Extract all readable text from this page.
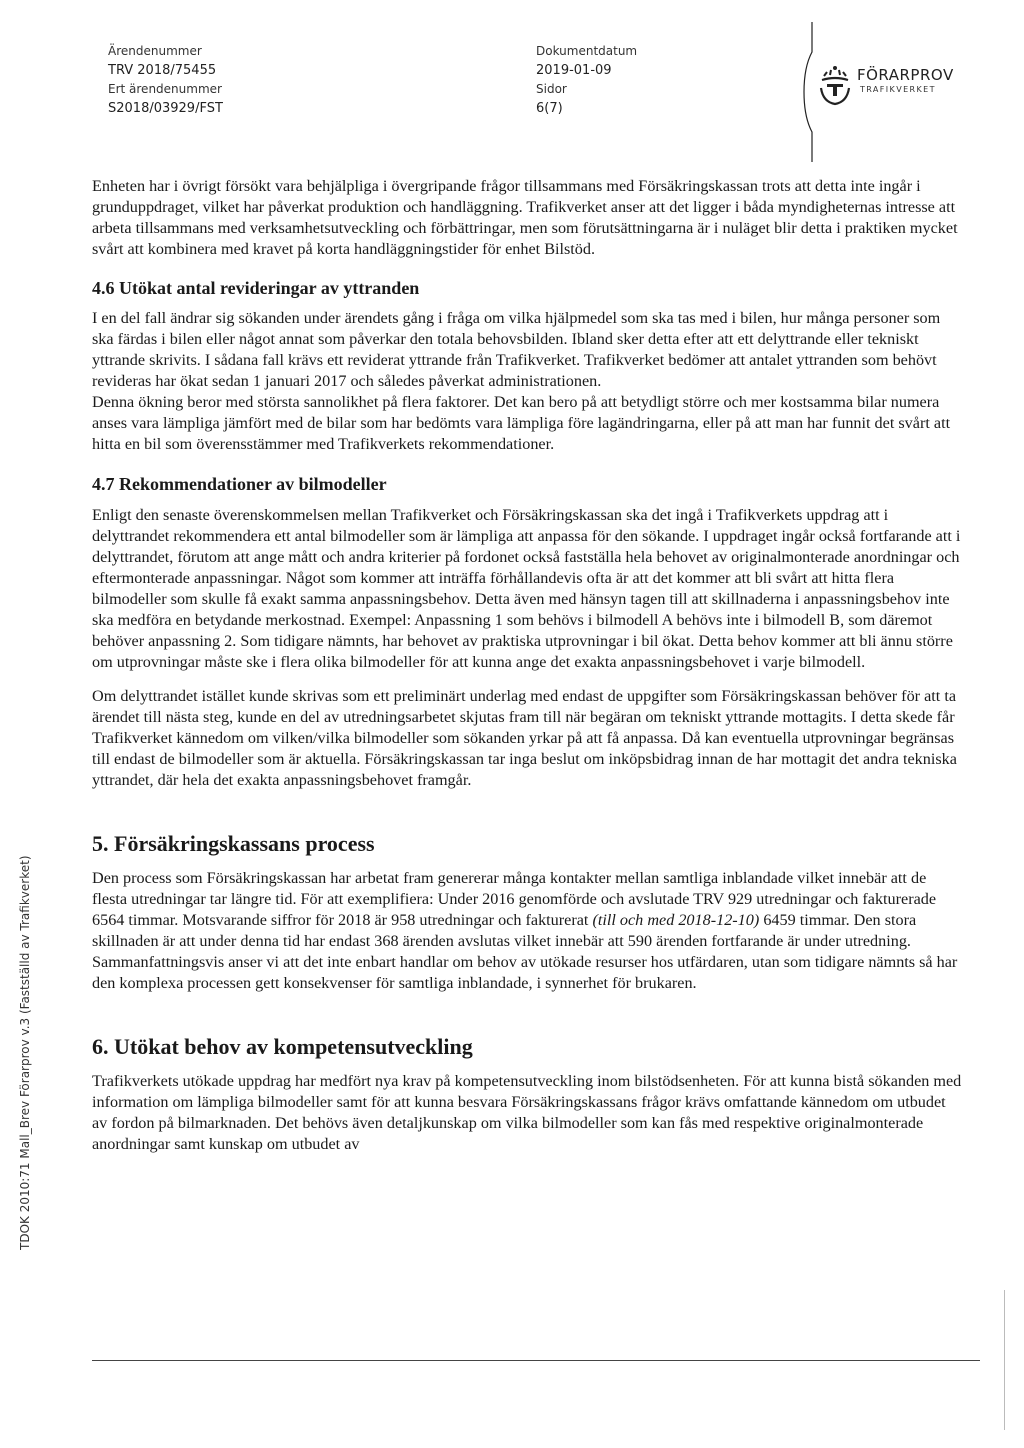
Ärendenummer
TRV 2018/75455
Ert ärendenummer
S2018/03929/FST
Dokumentdatum
2019-01-09
Sidor
6(7)
FÖRARPROV
TRAFIKVERKET

Enheten har i övrigt försökt vara behjälpliga i övergripande frågor tillsammans med Försäkringskassan trots att detta inte ingår i grunduppdraget, vilket har påverkat produktion och handläggning. Trafikverket anser att det ligger i båda myndigheternas intresse att arbeta tillsammans med verksamhetsutveckling och förbättringar, men som förutsättningarna är i nuläget blir detta i praktiken mycket svårt att kombinera med kravet på korta handläggningstider för enhet Bilstöd.

4.6 Utökat antal revideringar av yttranden

I en del fall ändrar sig sökanden under ärendets gång i fråga om vilka hjälpmedel som ska tas med i bilen, hur många personer som ska färdas i bilen eller något annat som påverkar den totala behovsbilden. Ibland sker detta efter att ett delyttrande eller tekniskt yttrande skrivits. I sådana fall krävs ett reviderat yttrande från Trafikverket. Trafikverket bedömer att antalet yttranden som behövt revideras har ökat sedan 1 januari 2017 och således påverkat administrationen.

Denna ökning beror med största sannolikhet på flera faktorer. Det kan bero på att betydligt större och mer kostsamma bilar numera anses vara lämpliga jämfört med de bilar som har bedömts vara lämpliga före lagändringarna, eller på att man har funnit det svårt att hitta en bil som överensstämmer med Trafikverkets rekommendationer.

4.7 Rekommendationer av bilmodeller

Enligt den senaste överenskommelsen mellan Trafikverket och Försäkringskassan ska det ingå i Trafikverkets uppdrag att i delyttrandet rekommendera ett antal bilmodeller som är lämpliga att anpassa för den sökande. I uppdraget ingår också fortfarande att i delyttrandet, förutom att ange mått och andra kriterier på fordonet också fastställa hela behovet av originalmonterade anordningar och eftermonterade anpassningar. Något som kommer att inträffa förhållandevis ofta är att det kommer att bli svårt att hitta flera bilmodeller som skulle få exakt samma anpassningsbehov. Detta även med hänsyn tagen till att skillnaderna i anpassningsbehov inte ska medföra en betydande merkostnad. Exempel: Anpassning 1 som behövs i bilmodell A behövs inte i bilmodell B, som däremot behöver anpassning 2. Som tidigare nämnts, har behovet av praktiska utprovningar i bil ökat. Detta behov kommer att bli ännu större om utprovningar måste ske i flera olika bilmodeller för att kunna ange det exakta anpassningsbehovet i varje bilmodell.

Om delyttrandet istället kunde skrivas som ett preliminärt underlag med endast de uppgifter som Försäkringskassan behöver för att ta ärendet till nästa steg, kunde en del av utredningsarbetet skjutas fram till när begäran om tekniskt yttrande mottagits. I detta skede får Trafikverket kännedom om vilken/vilka bilmodeller som sökanden yrkar på att få anpassa. Då kan eventuella utprovningar begränsas till endast de bilmodeller som är aktuella. Försäkringskassan tar inga beslut om inköpsbidrag innan de har mottagit det andra tekniska yttrandet, där hela det exakta anpassningsbehovet framgår.

5. Försäkringskassans process

Den process som Försäkringskassan har arbetat fram genererar många kontakter mellan samtliga inblandade vilket innebär att de flesta utredningar tar längre tid. För att exemplifiera: Under 2016 genomförde och avslutade TRV 929 utredningar och fakturerade 6564 timmar. Motsvarande siffror för 2018 är 958 utredningar och fakturerat (till och med 2018-12-10) 6459 timmar. Den stora skillnaden är att under denna tid har endast 368 ärenden avslutas vilket innebär att 590 ärenden fortfarande är under utredning. Sammanfattningsvis anser vi att det inte enbart handlar om behov av utökade resurser hos utfärdaren, utan som tidigare nämnts så har den komplexa processen gett konsekvenser för samtliga inblandade, i synnerhet för brukaren.

6. Utökat behov av kompetensutveckling

Trafikverkets utökade uppdrag har medfört nya krav på kompetensutveckling inom bilstödsenheten. För att kunna bistå sökanden med information om lämpliga bilmodeller samt för att kunna besvara Försäkringskassans frågor krävs omfattande kännedom om utbudet av fordon på bilmarknaden. Det behövs även detaljkunskap om vilka bilmodeller som kan fås med respektive originalmonterade anordningar samt kunskap om utbudet av

TDOK 2010:71 Mall_Brev Förarprov v.3 (Fastställd av Trafikverket)
